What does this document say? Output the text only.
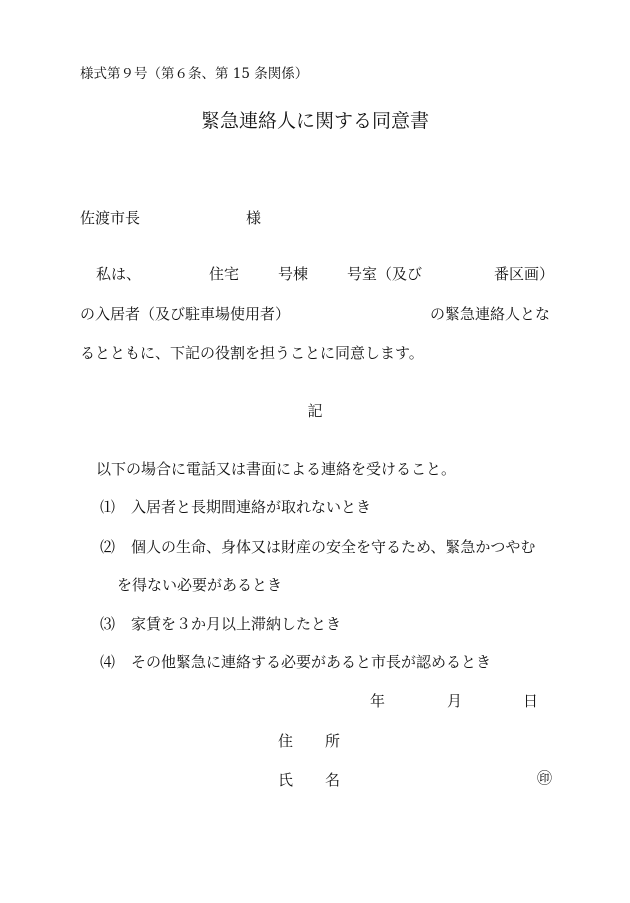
様式第９号（第６条、第 15 条関係）
緊急連絡人に関する同意書
佐渡市長	様
私は、	住宅	号棟	号室（及び	番区画）
の入居者（及び駐車場使用者）	の緊急連絡人とな
るとともに、下記の役割を担うことに同意します。
記
以下の場合に電話又は書面による連絡を受けること。
⑴ 入居者と長期間連絡が取れないとき
⑵ 個人の生命、身体又は財産の安全を守るため、緊急かつやむ
を得ない必要があるとき
⑶ 家賃を３か月以上滞納したとき
⑷ その他緊急に連絡する必要があると市長が認めるとき
年	月	日
住 所
氏 名	㊞
